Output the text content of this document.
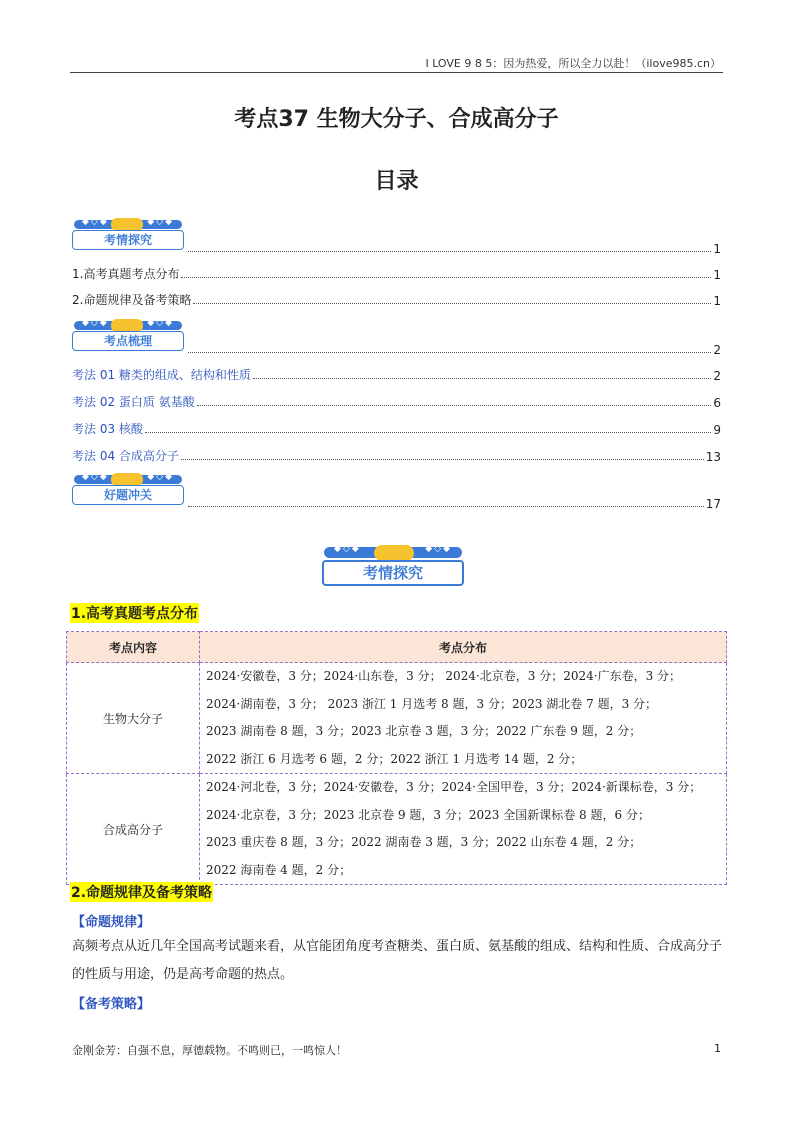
I LOVE 9 8 5：因为热爱，所以全力以赴！（ilove985.cn）
考点37 生物大分子、合成高分子
目录
◆◇◆	◆◇◆
考情探究
1
1.高考真题考点分布	1
2.命题规律及备考策略	1
◆◇◆	◆◇◆
考点梳理
2
考法 01 糖类的组成、结构和性质	2
考法 02 蛋白质 氨基酸	6
考法 03 核酸	9
考法 04 合成高分子	13
◆◇◆	◆◇◆
好题冲关
17
◆◇◆	◆◇◆
考情探究
1.高考真题考点分布
考点内容	考点分布
生物大分子	2024·安徽卷，3 分；2024·山东卷，3 分； 2024·北京卷，3 分；2024·广东卷，3 分；
2024·湖南卷，3 分； 2023 浙江 1 月选考 8 题，3 分；2023 湖北卷 7 题，3 分；
2023 湖南卷 8 题，3 分；2023 北京卷 3 题，3 分；2022 广东卷 9 题，2 分；
2022 浙江 6 月选考 6 题，2 分；2022 浙江 1 月选考 14 题，2 分；

合成高分子	2024·河北卷，3 分；2024·安徽卷，3 分；2024·全国甲卷，3 分；2024·新课标卷，3 分；
2024·北京卷，3 分；2023 北京卷 9 题，3 分；2023 全国新课标卷 8 题，6 分；
2023 重庆卷 8 题，3 分；2022 湖南卷 3 题，3 分；2022 山东卷 4 题，2 分；
2022 海南卷 4 题，2 分；
2.命题规律及备考策略
【命题规律】
高频考点从近几年全国高考试题来看，从官能团角度考查糖类、蛋白质、氨基酸的组成、结构和性质、合成高分子的性质与用途，仍是高考命题的热点。
【备考策略】
金刚金芳：自强不息，厚德载物。不鸣则已，一鸣惊人！	1
